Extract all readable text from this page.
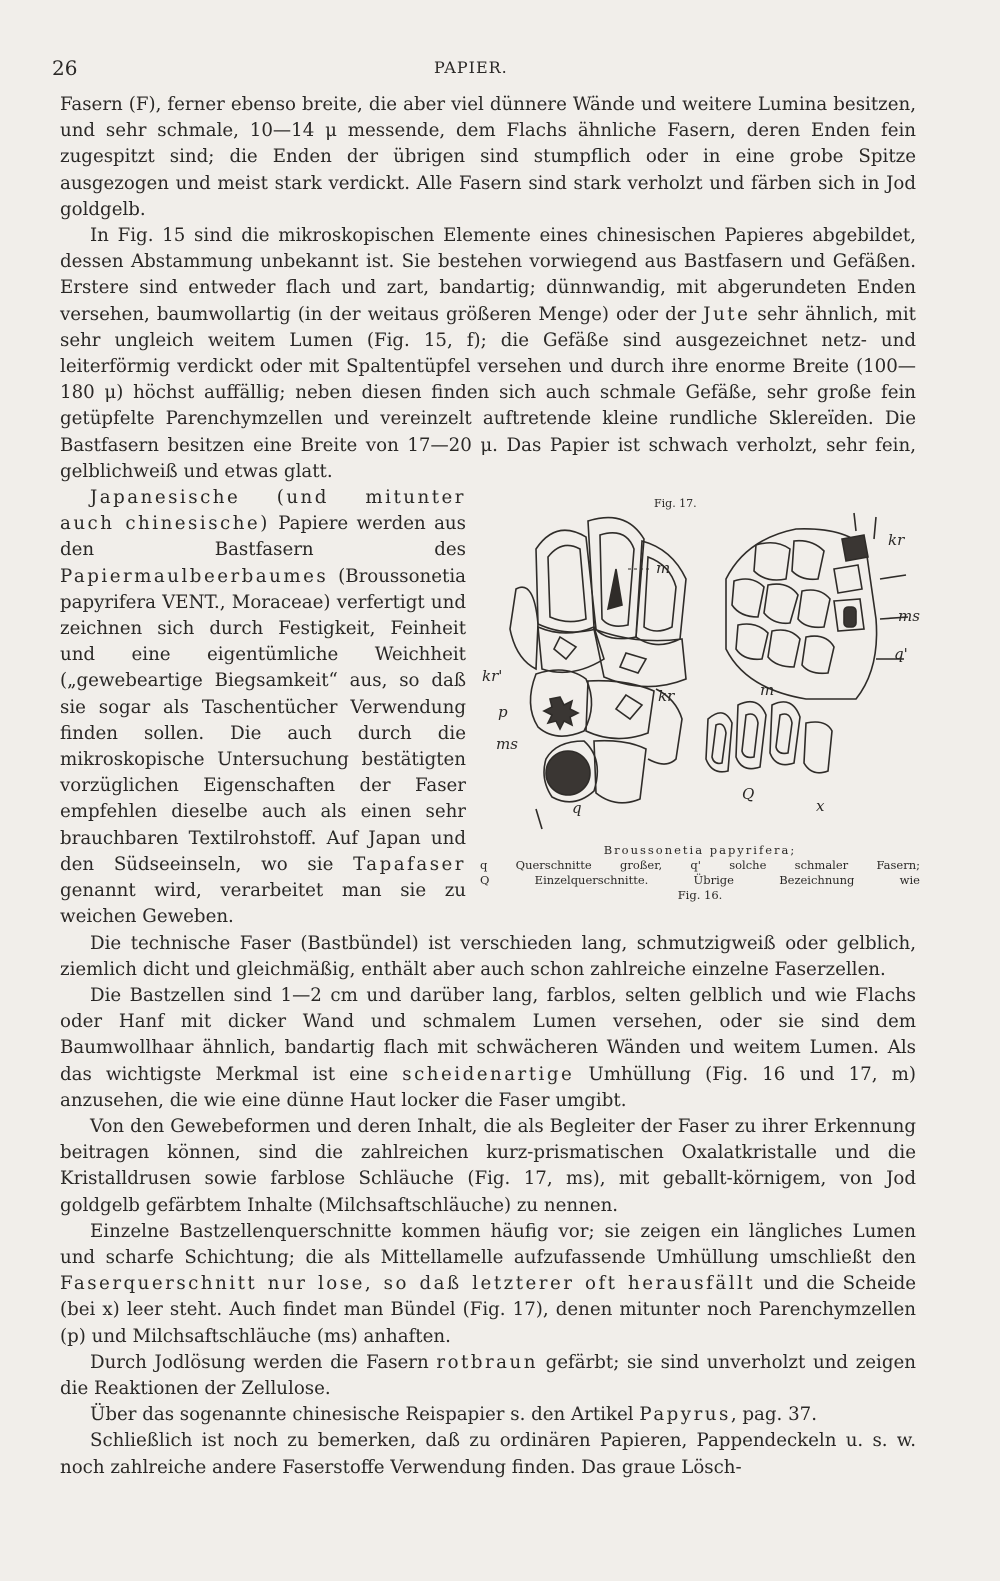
26	PAPIER.

Fasern (F), ferner ebenso breite, die aber viel dünnere Wände und weitere Lumina besitzen, und sehr schmale, 10—14 μ messende, dem Flachs ähnliche Fasern, deren Enden fein zugespitzt sind; die Enden der übrigen sind stumpflich oder in eine grobe Spitze ausgezogen und meist stark verdickt. Alle Fasern sind stark verholzt und färben sich in Jod goldgelb.

In Fig. 15 sind die mikroskopischen Elemente eines chinesischen Papieres abgebildet, dessen Abstammung unbekannt ist. Sie bestehen vorwiegend aus Bastfasern und Gefäßen. Erstere sind entweder flach und zart, bandartig; dünnwandig, mit abgerundeten Enden versehen, baumwollartig (in der weitaus größeren Menge) oder der Jute sehr ähnlich, mit sehr ungleich weitem Lumen (Fig. 15, f); die Gefäße sind ausgezeichnet netz- und leiterförmig verdickt oder mit Spaltentüpfel versehen und durch ihre enorme Breite (100—180 μ) höchst auffällig; neben diesen finden sich auch schmale Gefäße, sehr große fein getüpfelte Parenchymzellen und vereinzelt auftretende kleine rundliche Sklereïden. Die Bastfasern besitzen eine Breite von 17—20 μ. Das Papier ist schwach verholzt, sehr fein, gelblichweiß und etwas glatt.

Fig. 17.
m
kr'
kr
p
ms
q
kr
ms
q'
m
Q
x
Broussonetia papyrifera;
q Querschnitte großer, q' solche schmaler Fasern;
Q Einzelquerschnitte. Übrige Bezeichnung wie
Fig. 16.

Japanesische (und mitunter auch chinesische) Papiere werden aus den Bastfasern des Papiermaulbeerbaumes (Broussonetia papyrifera VENT., Moraceae) verfertigt und zeichnen sich durch Festigkeit, Feinheit und eine eigentümliche Weichheit („gewebeartige Biegsamkeit“ aus, so daß sie sogar als Taschentücher Verwendung finden sollen. Die auch durch die mikroskopische Untersuchung bestätigten vorzüglichen Eigenschaften der Faser empfehlen dieselbe auch als einen sehr brauchbaren Textilrohstoff. Auf Japan und den Südseeinseln, wo sie Tapafaser genannt wird, verarbeitet man sie zu weichen Geweben.

Die technische Faser (Bastbündel) ist verschieden lang, schmutzigweiß oder gelblich, ziemlich dicht und gleichmäßig, enthält aber auch schon zahlreiche einzelne Faserzellen.

Die Bastzellen sind 1—2 cm und darüber lang, farblos, selten gelblich und wie Flachs oder Hanf mit dicker Wand und schmalem Lumen versehen, oder sie sind dem Baumwollhaar ähnlich, bandartig flach mit schwächeren Wänden und weitem Lumen. Als das wichtigste Merkmal ist eine scheidenartige Umhüllung (Fig. 16 und 17, m) anzusehen, die wie eine dünne Haut locker die Faser umgibt.

Von den Gewebeformen und deren Inhalt, die als Begleiter der Faser zu ihrer Erkennung beitragen können, sind die zahlreichen kurz-prismatischen Oxalatkristalle und die Kristalldrusen sowie farblose Schläuche (Fig. 17, ms), mit geballt-körnigem, von Jod goldgelb gefärbtem Inhalte (Milchsaftschläuche) zu nennen.

Einzelne Bastzellenquerschnitte kommen häufig vor; sie zeigen ein längliches Lumen und scharfe Schichtung; die als Mittellamelle aufzufassende Umhüllung umschließt den Faserquerschnitt nur lose, so daß letzterer oft herausfällt und die Scheide (bei x) leer steht. Auch findet man Bündel (Fig. 17), denen mitunter noch Parenchymzellen (p) und Milchsaftschläuche (ms) anhaften.

Durch Jodlösung werden die Fasern rotbraun gefärbt; sie sind unverholzt und zeigen die Reaktionen der Zellulose.

Über das sogenannte chinesische Reispapier s. den Artikel Papyrus, pag. 37.

Schließlich ist noch zu bemerken, daß zu ordinären Papieren, Pappendeckeln u. s. w. noch zahlreiche andere Faserstoffe Verwendung finden. Das graue Lösch-
